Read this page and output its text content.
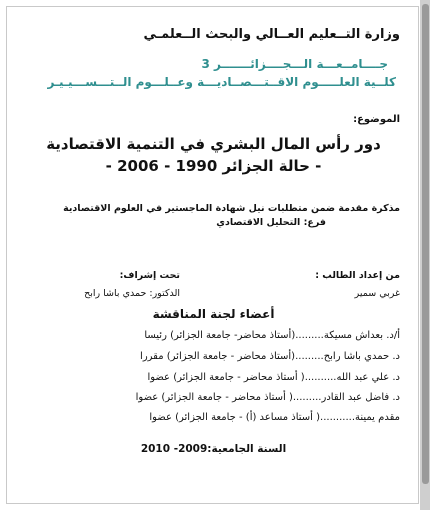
وزارة التــعليم العــالي والبحث الــعلمـي
جــــامــعـــة الـــجــــزائـــــــر 3
كلــية العلـــــوم الاقــتـــصــاديـــة وعــلـــوم الــتـــســـيـيـر
الموضوع:
دور رأس المال البشري في التنمية الاقتصادية
- حالة الجزائر 1990 - 2006 -
مذكرة مقدمة ضمن متطلبات نيل شهادة الماجستير في العلوم الاقتصادية
فرع: التحليل الاقتصادي
من إعداد الطالب :
غربي سمير
تحت إشراف:
الدكتور: حمدي باشا رابح
أعضاء لجنة المناقشة
أ/د. بعداش مسيكة.........(أستاذ محاضر- جامعة الجزائر) رئيسا
د. حمدي باشا رابح.........(أستاذ محاضر - جامعة الجزائر) مقررا
د. علي عبد الله..........( أستاذ محاضر - جامعة الجزائر) عضوا
د. فاضل عبد القادر.........( أستاذ محاضر - جامعة الجزائر) عضوا
مقدم يمينة...........( أستاذ مساعد (أ) - جامعة الجزائر) عضوا
السنة الجامعية:2009- 2010
